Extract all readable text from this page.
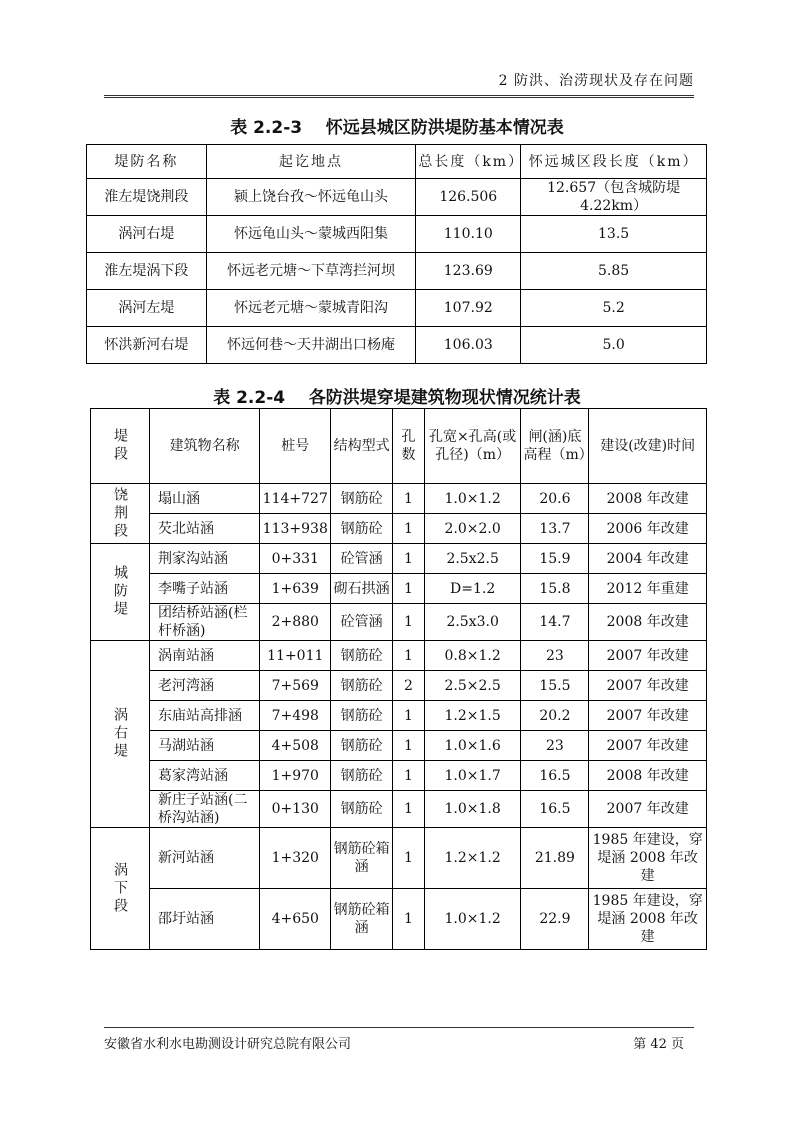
2 防洪、治涝现状及存在问题
表 2.2-3 怀远县城区防洪堤防基本情况表
堤防名称	起讫地点	总长度（km）	怀远城区段长度（km）
淮左堤饶荆段	颍上饶台孜～怀远龟山头	126.506	12.657（包含城防堤4.22km）
涡河右堤	怀远龟山头～蒙城西阳集	110.10	13.5
淮左堤涡下段	怀远老元塘～下草湾拦河坝	123.69	5.85
涡河左堤	怀远老元塘～蒙城青阳沟	107.92	5.2
怀洪新河右堤	怀远何巷～天井湖出口杨庵	106.03	5.0
表 2.2-4 各防洪堤穿堤建筑物现状情况统计表
堤段	建筑物名称	桩号	结构型式	孔数	孔宽×孔高(或孔径)（m）	闸(涵)底高程（m）	建设(改建)时间
饶荆段	塌山涵	114+727	钢筋砼	1	1.0×1.2	20.6	2008 年改建
	芡北站涵	113+938	钢筋砼	1	2.0×2.0	13.7	2006 年改建
城防堤	荆家沟站涵	0+331	砼管涵	1	2.5x2.5	15.9	2004 年改建
	李嘴子站涵	1+639	砌石拱涵	1	D=1.2	15.8	2012 年重建
	团结桥站涵(栏杆桥涵)	2+880	砼管涵	1	2.5x3.0	14.7	2008 年改建
涡右堤	涡南站涵	11+011	钢筋砼	1	0.8×1.2	23	2007 年改建
	老河湾涵	7+569	钢筋砼	2	2.5×2.5	15.5	2007 年改建
	东庙站高排涵	7+498	钢筋砼	1	1.2×1.5	20.2	2007 年改建
	马湖站涵	4+508	钢筋砼	1	1.0×1.6	23	2007 年改建
	葛家湾站涵	1+970	钢筋砼	1	1.0×1.7	16.5	2008 年改建
	新庄子站涵(二桥沟站涵)	0+130	钢筋砼	1	1.0×1.8	16.5	2007 年改建
涡下段	新河站涵	1+320	钢筋砼箱涵	1	1.2×1.2	21.89	1985 年建设，穿堤涵 2008 年改建
	邵圩站涵	4+650	钢筋砼箱涵	1	1.0×1.2	22.9	1985 年建设，穿堤涵 2008 年改建
安徽省水利水电勘测设计研究总院有限公司	第 42 页
